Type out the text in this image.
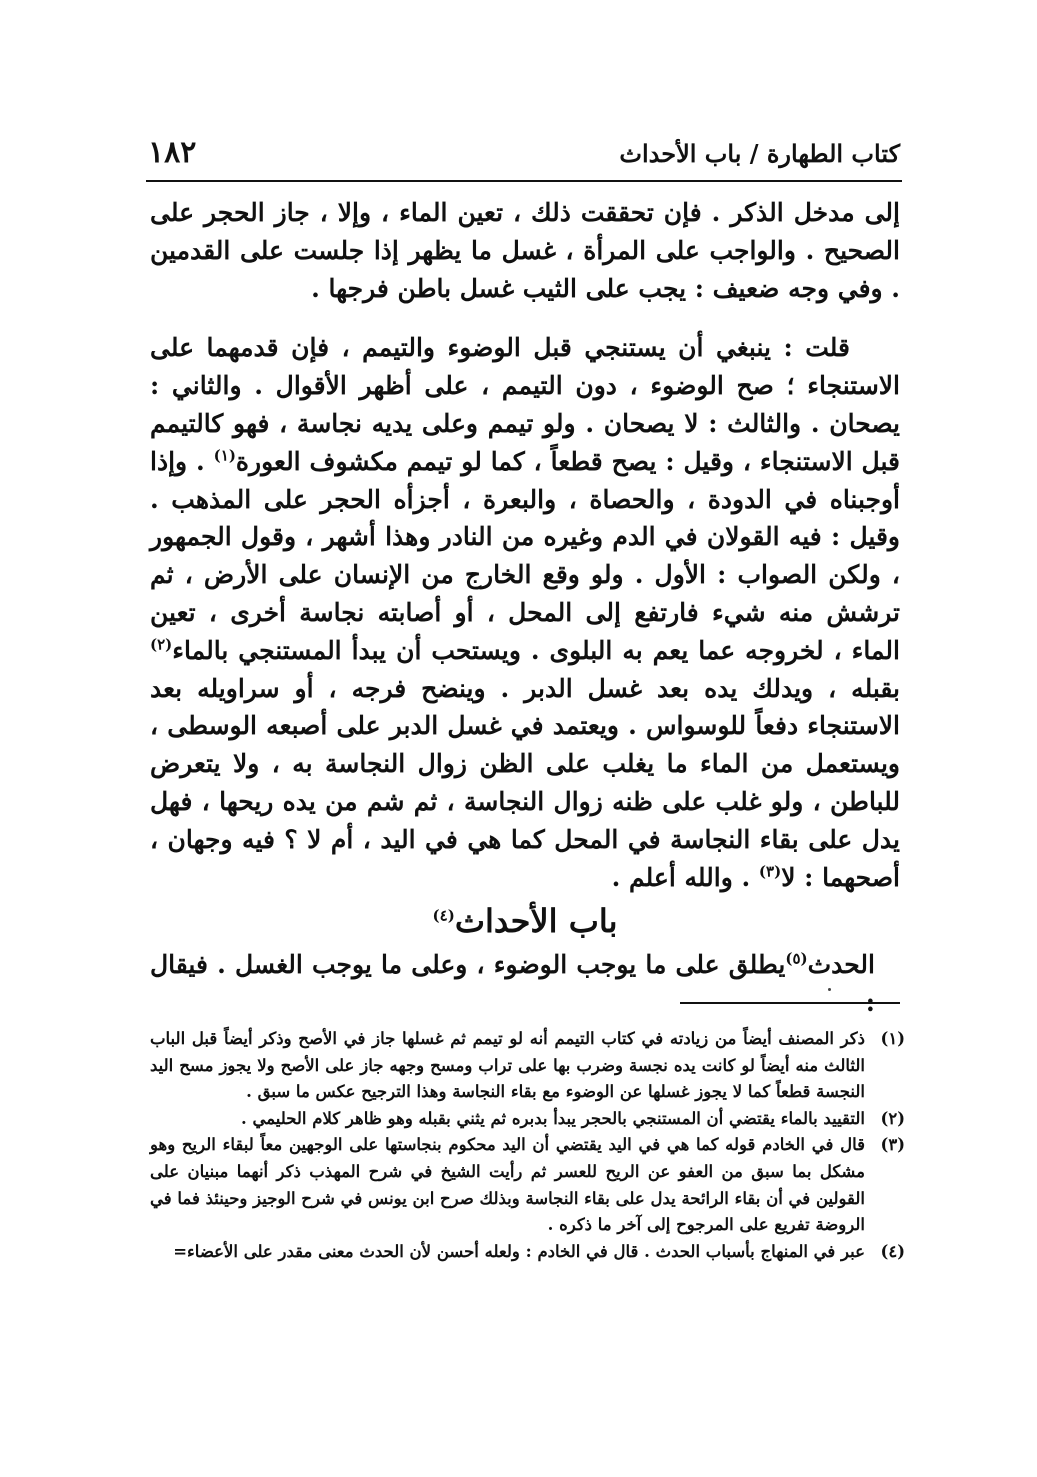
كتاب الطهارة / باب الأحداث
١٨٢

إلى مدخل الذكر . فإن تحققت ذلك ، تعين الماء ، وإلا ، جاز الحجر على الصحيح . والواجب على المرأة ، غسل ما يظهر إذا جلست على القدمين . وفي وجه ضعيف : يجب على الثيب غسل باطن فرجها .

قلت : ينبغي أن يستنجي قبل الوضوء والتيمم ، فإن قدمهما على الاستنجاء ؛ صح الوضوء ، دون التيمم ، على أظهر الأقوال . والثاني : يصحان . والثالث : لا يصحان . ولو تيمم وعلى يديه نجاسة ، فهو كالتيمم قبل الاستنجاء ، وقيل : يصح قطعاً ، كما لو تيمم مكشوف العورة$^{(١)}$ . وإذا أوجبناه في الدودة ، والحصاة ، والبعرة ، أجزأه الحجر على المذهب . وقيل : فيه القولان في الدم وغيره من النادر وهذا أشهر ، وقول الجمهور ، ولكن الصواب : الأول . ولو وقع الخارج من الإنسان على الأرض ، ثم ترشش منه شيء فارتفع إلى المحل ، أو أصابته نجاسة أخرى ، تعين الماء ، لخروجه عما يعم به البلوى . ويستحب أن يبدأ المستنجي بالماء$^{(٢)}$ بقبله ، ويدلك يده بعد غسل الدبر . وينضح فرجه ، أو سراويله بعد الاستنجاء دفعاً للوسواس . ويعتمد في غسل الدبر على أصبعه الوسطى ، ويستعمل من الماء ما يغلب على الظن زوال النجاسة به ، ولا يتعرض للباطن ، ولو غلب على ظنه زوال النجاسة ، ثم شم من يده ريحها ، فهل يدل على بقاء النجاسة في المحل كما هي في اليد ، أم لا ؟ فيه وجهان ، أصحهما : لا$^{(٣)}$ . والله أعلم .

باب الأحداث$^{(٤)}$
الحدث$^{(٥)}$يطلق على ما يوجب الوضوء ، وعلى ما يوجب الغسل . فيقال
(١)
ذكر المصنف أيضاً من زيادته في كتاب التيمم أنه لو تيمم ثم غسلها جاز في الأصح وذكر أيضاً قبل الباب الثالث منه أيضاً لو كانت يده نجسة وضرب بها على تراب ومسح وجهه جاز على الأصح ولا يجوز مسح اليد النجسة قطعاً كما لا يجوز غسلها عن الوضوء مع بقاء النجاسة وهذا الترجيح عكس ما سبق .
(٢)
التقييد بالماء يقتضي أن المستنجي بالحجر يبدأ بدبره ثم يثني بقبله وهو ظاهر كلام الحليمي .
(٣)
قال في الخادم قوله كما هي في اليد يقتضي أن اليد محكوم بنجاستها على الوجهين معاً لبقاء الريح وهو مشكل بما سبق من العفو عن الريح للعسر ثم رأيت الشيخ في شرح المهذب ذكر أنهما مبنيان على القولين في أن بقاء الرائحة يدل على بقاء النجاسة وبذلك صرح ابن يونس في شرح الوجيز وحينئذ فما في الروضة تفريع على المرجوح إلى آخر ما ذكره .
(٤)
عبر في المنهاج بأسباب الحدث . قال في الخادم : ولعله أحسن لأن الحدث معنى مقدر على الأعضاء=
